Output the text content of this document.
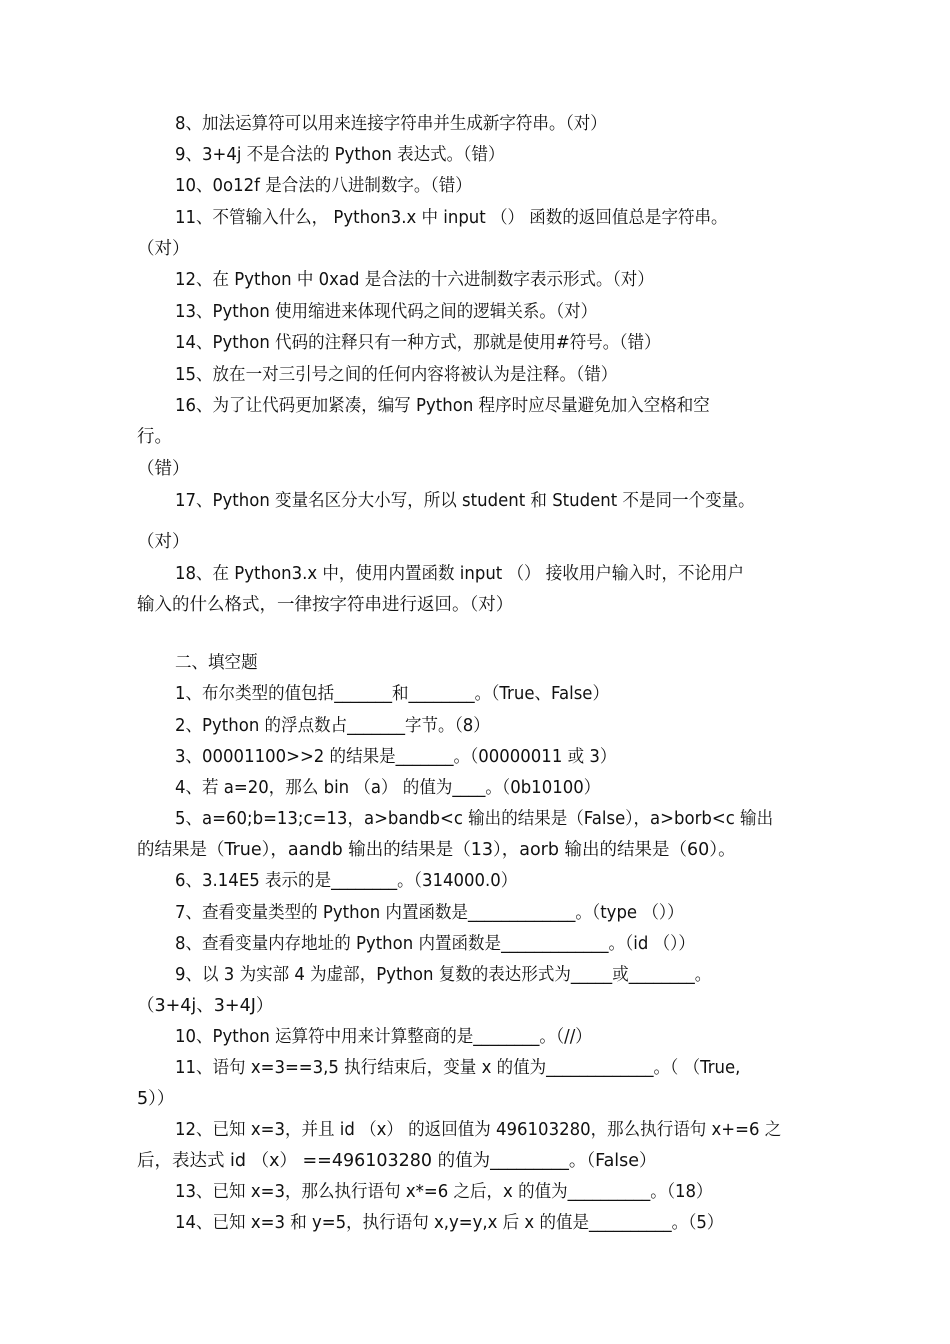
8、加法运算符可以用来连接字符串并生成新字符串。（对）
9、3+4j 不是合法的 Python 表达式。（错）
10、0o12f 是合法的八进制数字。（错）
11、不管输入什么， Python3.x 中 input （） 函数的返回值总是字符串。
（对）
12、在 Python 中 0xad 是合法的十六进制数字表示形式。（对）
13、Python 使用缩进来体现代码之间的逻辑关系。（对）
14、Python 代码的注释只有一种方式，那就是使用#符号。（错）
15、放在一对三引号之间的任何内容将被认为是注释。（错）
16、为了让代码更加紧凑，编写 Python 程序时应尽量避免加入空格和空
行。
（错）
17、Python 变量名区分大小写，所以 student 和 Student 不是同一个变量。
（对）
18、在 Python3.x 中，使用内置函数 input （） 接收用户输入时，不论用户
输入的什么格式，一律按字符串进行返回。（对）
二、填空题
1、布尔类型的值包括_______和________。（True、False）
2、Python 的浮点数占_______字节。（8）
3、00001100>>2 的结果是_______。（00000011 或 3）
4、若 a=20，那么 bin （a） 的值为____。（0b10100）
5、a=60;b=13;c=13，a>bandb<c 输出的结果是（False），a>borb<c 输出
的结果是（True），aandb 输出的结果是（13），aorb 输出的结果是（60）。
6、3.14E5 表示的是________。（314000.0）
7、查看变量类型的 Python 内置函数是_____________。（type （））
8、查看变量内存地址的 Python 内置函数是_____________。（id （））
9、以 3 为实部 4 为虚部，Python 复数的表达形式为_____或________。
（3+4j、3+4J）
10、Python 运算符中用来计算整商的是________。（//）
11、语句 x=3==3,5 执行结束后，变量 x 的值为_____________。（ （True,
5））
12、已知 x=3，并且 id （x） 的返回值为 496103280，那么执行语句 x+=6 之
后，表达式 id （x） ==496103280 的值为_________。（False）
13、已知 x=3，那么执行语句 x*=6 之后，x 的值为__________。（18）
14、已知 x=3 和 y=5，执行语句 x,y=y,x 后 x 的值是__________。（5）
